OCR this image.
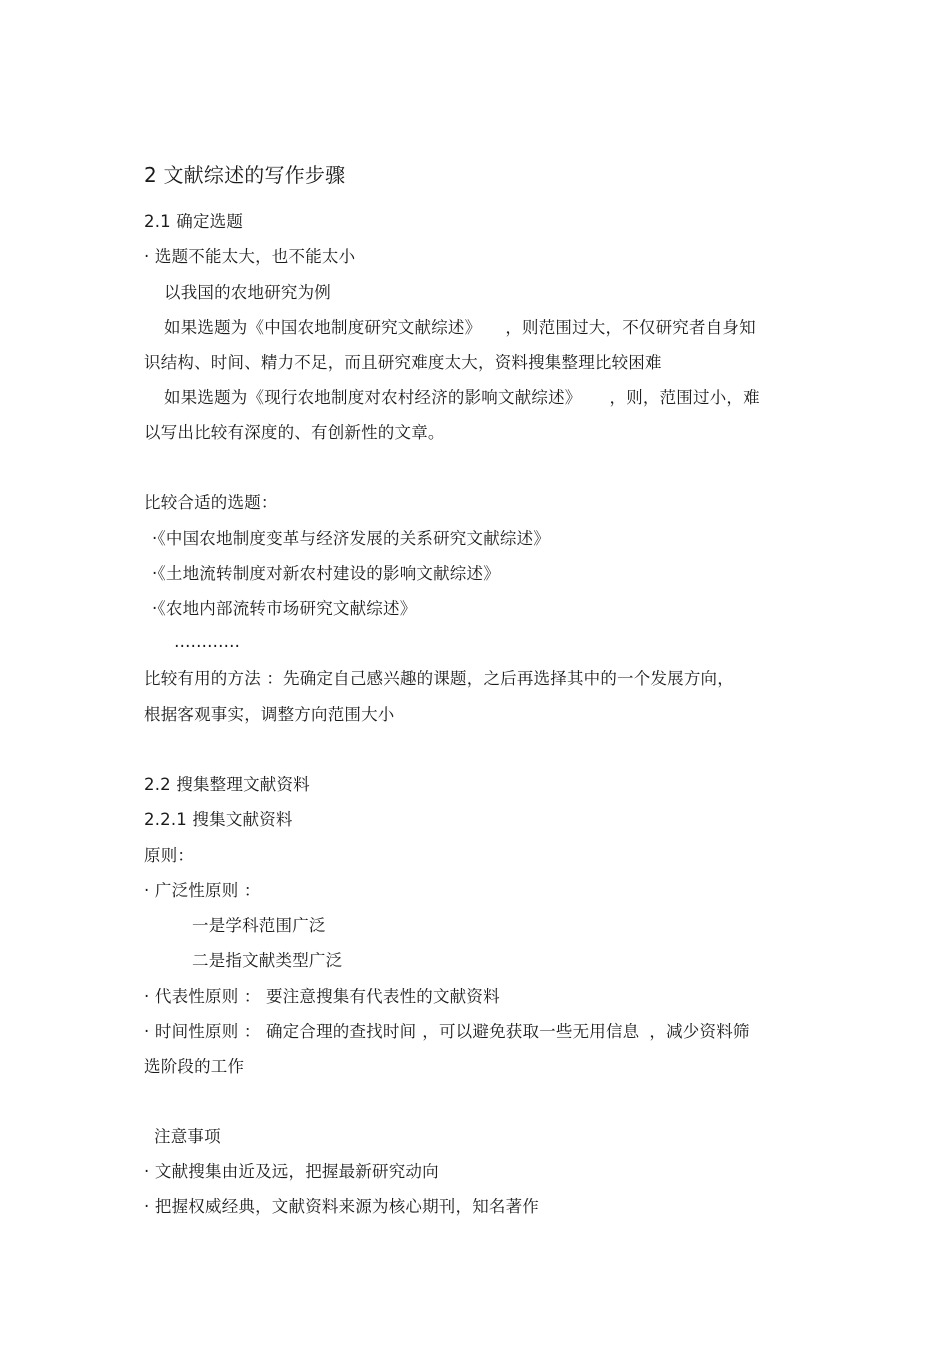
2 文献综述的写作步骤
2.1 确定选题
· 选题不能太大，也不能太小
以我国的农地研究为例
如果选题为《中国农地制度研究文献综述》 ，则范围过大，不仅研究者自身知
识结构、时间、精力不足，而且研究难度太大，资料搜集整理比较困难
如果选题为《现行农地制度对农村经济的影响文献综述》 ，则，范围过小，难
以写出比较有深度的、有创新性的文章。
比较合适的选题：
·《中国农地制度变革与经济发展的关系研究文献综述》
·《土地流转制度对新农村建设的影响文献综述》
·《农地内部流转市场研究文献综述》
…………
比较有用的方法 ：先确定自己感兴趣的课题，之后再选择其中的一个发展方向，
根据客观事实，调整方向范围大小
2.2 搜集整理文献资料
2.2.1 搜集文献资料
原则：
· 广泛性原则 ：
一是学科范围广泛
二是指文献类型广泛
· 代表性原则 ： 要注意搜集有代表性的文献资料
· 时间性原则 ： 确定合理的查找时间 ，可以避免获取一些无用信息 ，减少资料筛
选阶段的工作
注意事项
· 文献搜集由近及远，把握最新研究动向
· 把握权威经典，文献资料来源为核心期刊，知名著作
